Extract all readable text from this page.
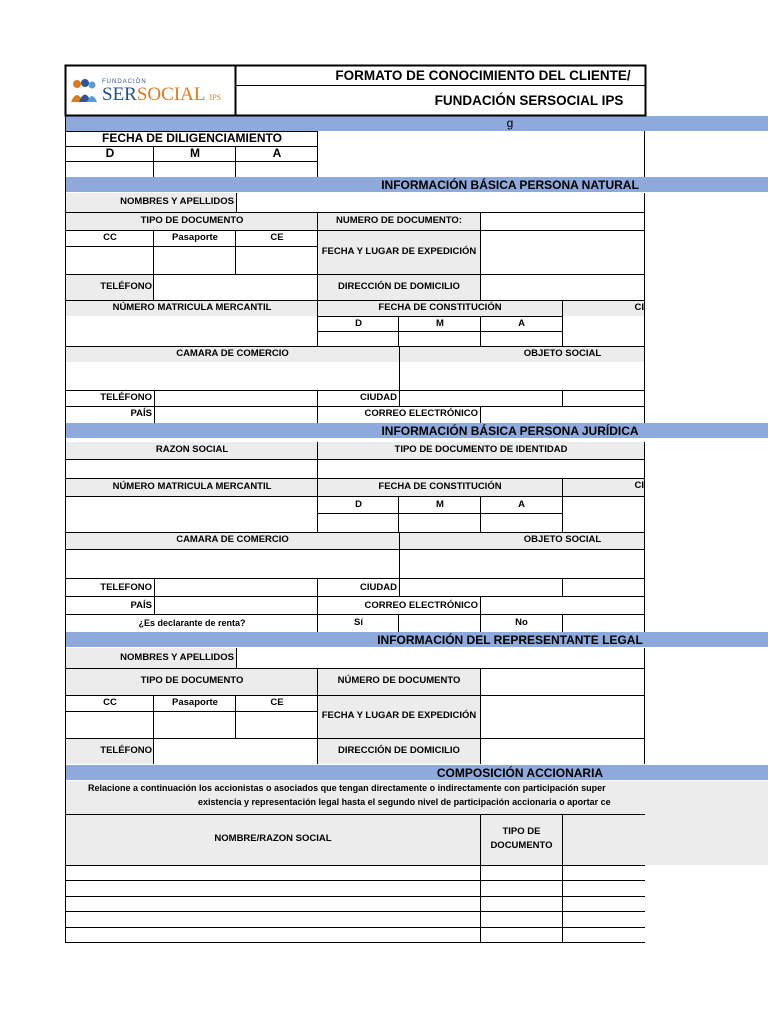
FUNDACIÓN
SERSOCIAL IPS
FORMATO DE CONOCIMIENTO DEL CLIENTE/
FUNDACIÓN SERSOCIAL IPS
g
FECHA DE DILIGENCIAMIENTO
D	M	A
INFORMACIÓN BÁSICA PERSONA NATURAL
NOMBRES Y APELLIDOS
TIPO DE DOCUMENTO	NUMERO DE DOCUMENTO:
CC	Pasaporte	CE
FECHA Y LUGAR DE EXPEDICIÓN
TELÉFONO	DIRECCIÓN DE DOMICILIO
NÚMERO MATRICULA MERCANTIL	FECHA DE CONSTITUCIÓN	CI
D	M	A
CAMARA DE COMERCIO	OBJETO SOCIAL
TELÉFONO	CIUDAD
PAÍS	CORREO ELECTRÓNICO
INFORMACIÓN BÁSICA PERSONA JURÍDICA
RAZON SOCIAL	TIPO DE DOCUMENTO DE IDENTIDAD
NÚMERO MATRICULA MERCANTIL	FECHA DE CONSTITUCIÓN	CI
D	M	A
CAMARA DE COMERCIO	OBJETO SOCIAL
TELEFONO	CIUDAD
PAÍS	CORREO ELECTRÓNICO
¿Es declarante de renta?	Sí	No
INFORMACIÓN DEL REPRESENTANTE LEGAL
NOMBRES Y APELLIDOS
TIPO DE DOCUMENTO	NÚMERO DE DOCUMENTO
CC	Pasaporte	CE
FECHA Y LUGAR DE EXPEDICIÓN
TELÉFONO	DIRECCIÓN DE DOMICILIO
COMPOSICIÓN ACCIONARIA
Relacione a continuación los accionistas o asociados que tengan directamente o indirectamente con participación super
existencia y representación legal hasta el segundo nivel de participación accionaria o aportar ce
NOMBRE/RAZON SOCIAL
TIPO DE
DOCUMENTO
